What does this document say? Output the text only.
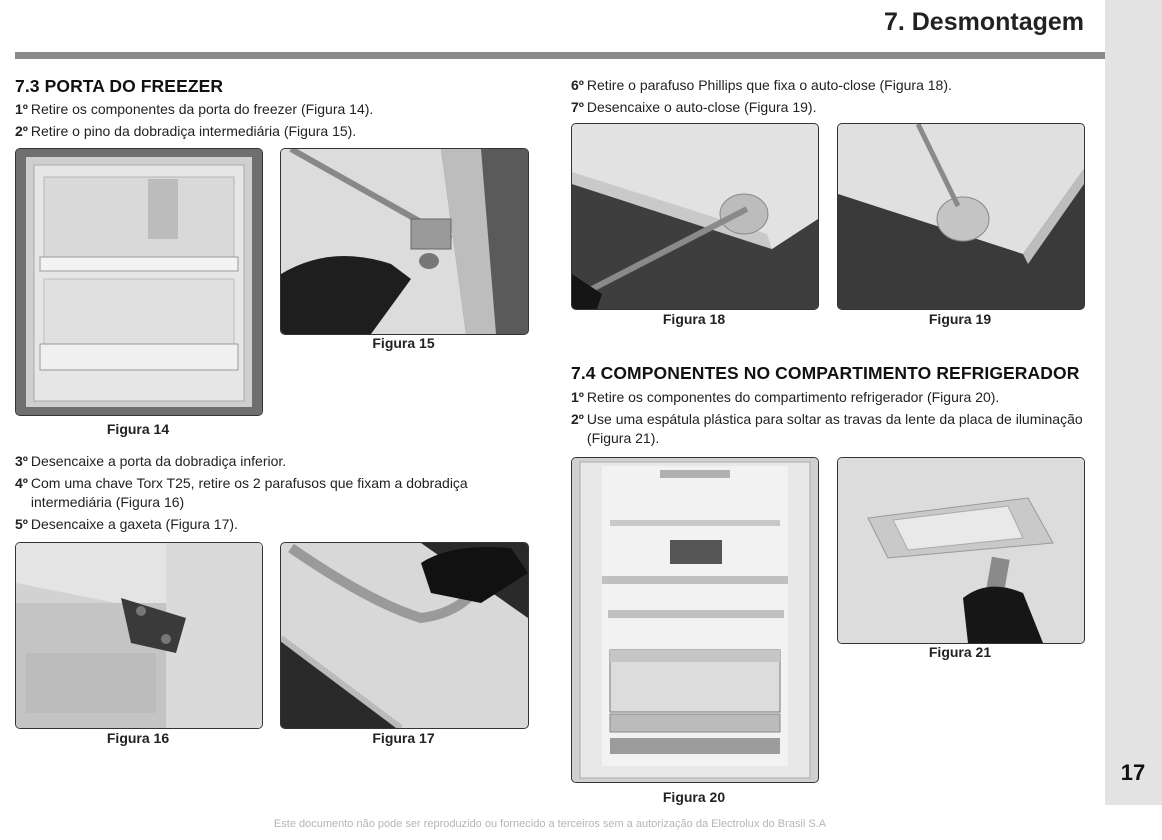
7. Desmontagem
7.3 PORTA DO FREEZER
1º Retire os componentes da porta do freezer (Figura 14).
2º Retire o pino da dobradiça intermediária (Figura 15).
Figura 14
Figura 15
3º Desencaixe a porta da dobradiça inferior.
4º Com uma chave Torx T25, retire os 2 parafusos que fixam a dobradiça intermediária (Figura 16)
5º Desencaixe a gaxeta (Figura 17).
Figura 16	Figura 17
6º Retire o parafuso Phillips que fixa o auto-close (Figura 18).
7º Desencaixe o auto-close (Figura 19).
Figura 18	Figura 19
7.4 COMPONENTES NO COMPARTIMENTO REFRIGERADOR
1º Retire os componentes do compartimento refrigerador (Figura 20).
2º Use uma espátula plástica para soltar as travas da lente da placa de iluminação (Figura 21).
Figura 20
Figura 21
17
Este documento não pode ser reproduzido ou fornecido a terceiros sem a autorização da Electrolux do Brasil S.A
